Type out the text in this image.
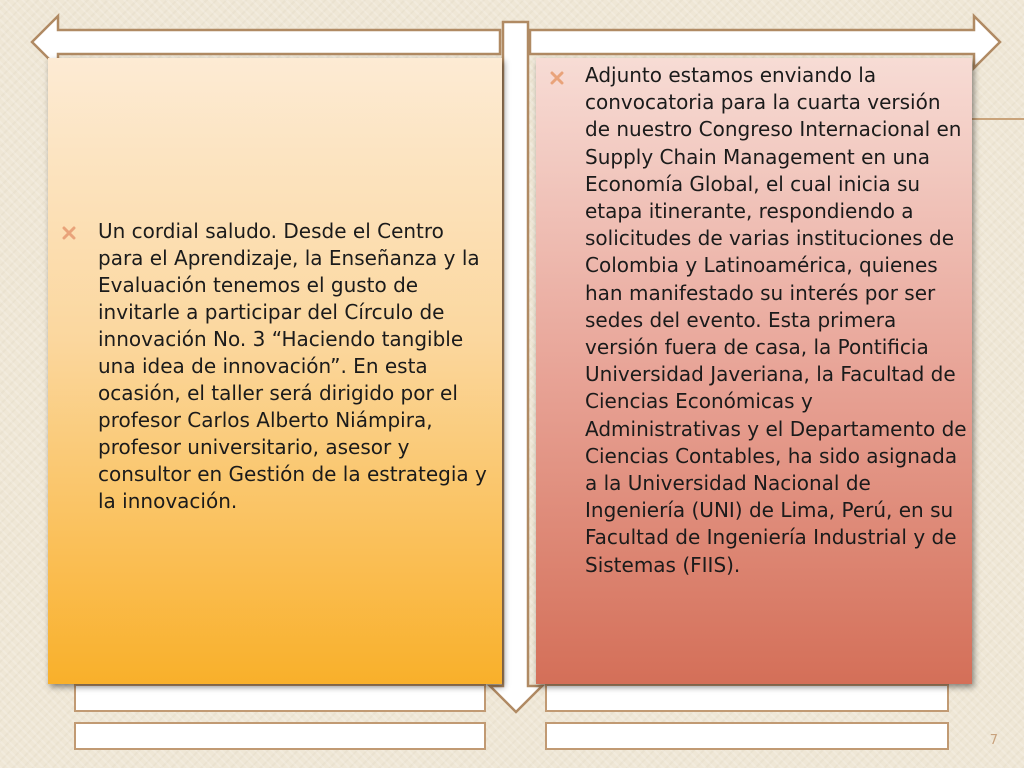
Un cordial saludo. Desde el Centro para el Aprendizaje, la Enseñanza y la Evaluación tenemos el gusto de invitarle a participar del Círculo de innovación No. 3 “Haciendo tangible una idea de innovación”. En esta ocasión, el taller será dirigido por el profesor Carlos Alberto Niámpira, profesor universitario, asesor y consultor en Gestión de la estrategia y la innovación.

Adjunto estamos enviando la convocatoria para la cuarta versión de nuestro Congreso Internacional en Supply Chain Management en una Economía Global, el cual inicia su etapa itinerante, respondiendo a solicitudes de varias instituciones de Colombia y Latinoamérica, quienes han manifestado su interés por ser sedes del evento. Esta primera versión fuera de casa, la Pontificia Universidad Javeriana, la Facultad de Ciencias Económicas y Administrativas y el Departamento de Ciencias Contables, ha sido asignada a la Universidad Nacional de Ingeniería (UNI) de Lima, Perú, en su Facultad de Ingeniería Industrial y de Sistemas (FIIS).

7
